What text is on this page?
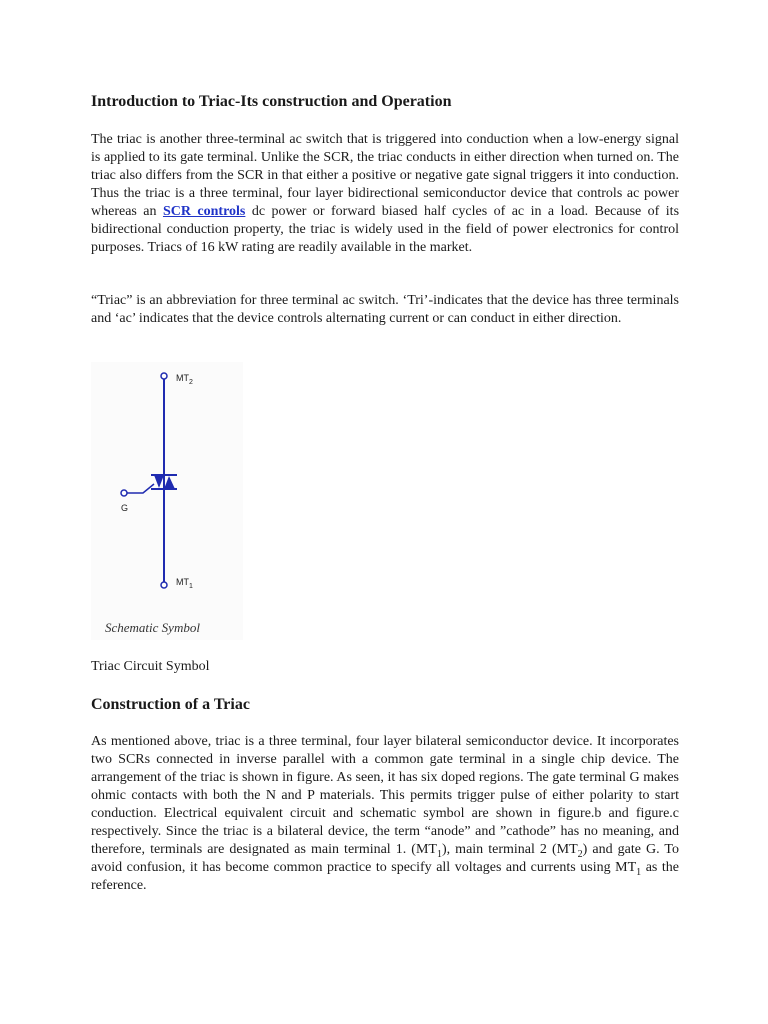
Introduction to Triac-Its construction and Operation

The triac is another three-terminal ac switch that is triggered into conduction when a low-energy signal is applied to its gate terminal. Unlike the SCR, the triac conducts in either direction when turned on. The triac also differs from the SCR in that either a positive or negative gate signal triggers it into conduction. Thus the triac is a three terminal, four layer bidirectional semiconductor device that controls ac power whereas an SCR controls dc power or forward biased half cycles of ac in a load. Because of its bidirectional conduction property, the triac is widely used in the field of power electronics for control purposes. Triacs of 16 kW rating are readily available in the market.

“Triac” is an abbreviation for three terminal ac switch. ‘Tri’-indicates that the device has three terminals and ‘ac’ indicates that the device controls alternating current or can conduct in either direction.

$MT_2$
$MT_1$
G
Schematic Symbol

Triac Circuit Symbol

Construction of a Triac

As mentioned above, triac is a three terminal, four layer bilateral semiconductor device. It incorporates two SCRs connected in inverse parallel with a common gate terminal in a single chip device. The arrangement of the triac is shown in figure. As seen, it has six doped regions. The gate terminal G makes ohmic contacts with both the N and P materials. This permits trigger pulse of either polarity to start conduction. Electrical equivalent circuit and schematic symbol are shown in figure.b and figure.c respectively. Since the triac is a bilateral device, the term “anode” and ”cathode” has no meaning, and therefore, terminals are designated as main terminal 1. $(MT_1)$, main terminal 2 $(MT_2)$ and gate G. To avoid confusion, it has become common practice to specify all voltages and currents using $MT_1$ as the reference.
